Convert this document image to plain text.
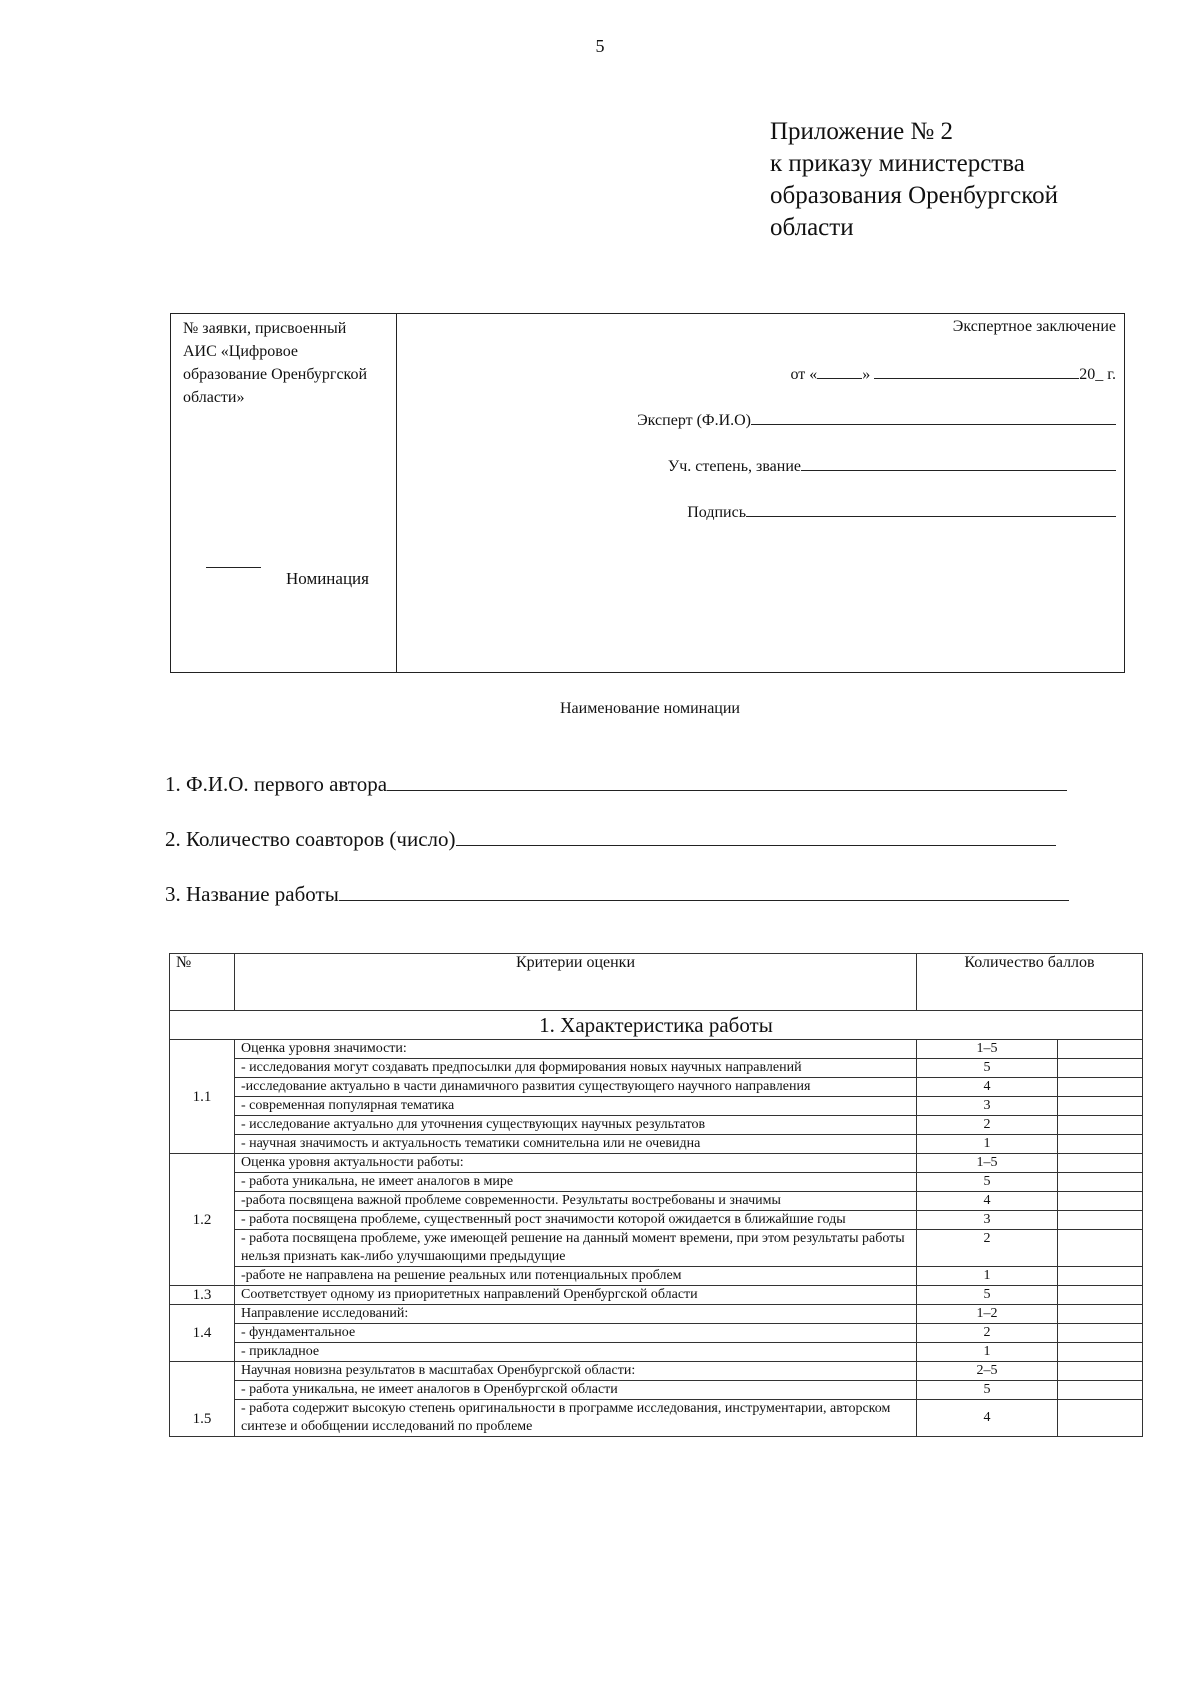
5
Приложение № 2
к приказу министерства
образования Оренбургской
области
№ заявки, присвоенный АИС «Цифровое образование Оренбургской области»
Номинация
Экспертное заключение
от «	»	20_ г.
Эксперт (Ф.И.О)
Уч. степень, звание
Подпись
Наименование номинации
1. Ф.И.О. первого автора
2. Количество соавторов (число)
3. Название работы
№	Критерии оценки	Количество баллов	
1. Характеристика работы			
1.1	Оценка уровня значимости:	1–5	
	- исследования могут создавать предпосылки для формирования новых научных направлений	5	
	-исследование актуально в части динамичного развития существующего научного направления	4	
	- современная популярная тематика	3	
	- исследование актуально для уточнения существующих научных результатов	2	
	- научная значимость и актуальность тематики сомнительна или не очевидна	1	
1.2	Оценка уровня актуальности работы:	1–5	
	- работа уникальна, не имеет аналогов в мире	5	
	-работа посвящена важной проблеме современности. Результаты востребованы и значимы	4	
	- работа посвящена проблеме, существенный рост значимости которой ожидается в ближайшие годы	3	
	- работа посвящена проблеме, уже имеющей решение на данный момент времени, при этом результаты работы нельзя признать как-либо улучшающими предыдущие	2	
	-работе не направлена на решение реальных или потенциальных проблем	1	
1.3	Соответствует одному из приоритетных направлений Оренбургской области	5	
1.4	Направление исследований:	1–2	
	- фундаментальное	2	
	- прикладное	1	
1.5	Научная новизна результатов в масштабах Оренбургской области:	2–5	
	- работа уникальна, не имеет аналогов в Оренбургской области	5	
	- работа содержит высокую степень оригинальности в программе исследования, инструментарии, авторском синтезе и обобщении исследований по проблеме	4	
